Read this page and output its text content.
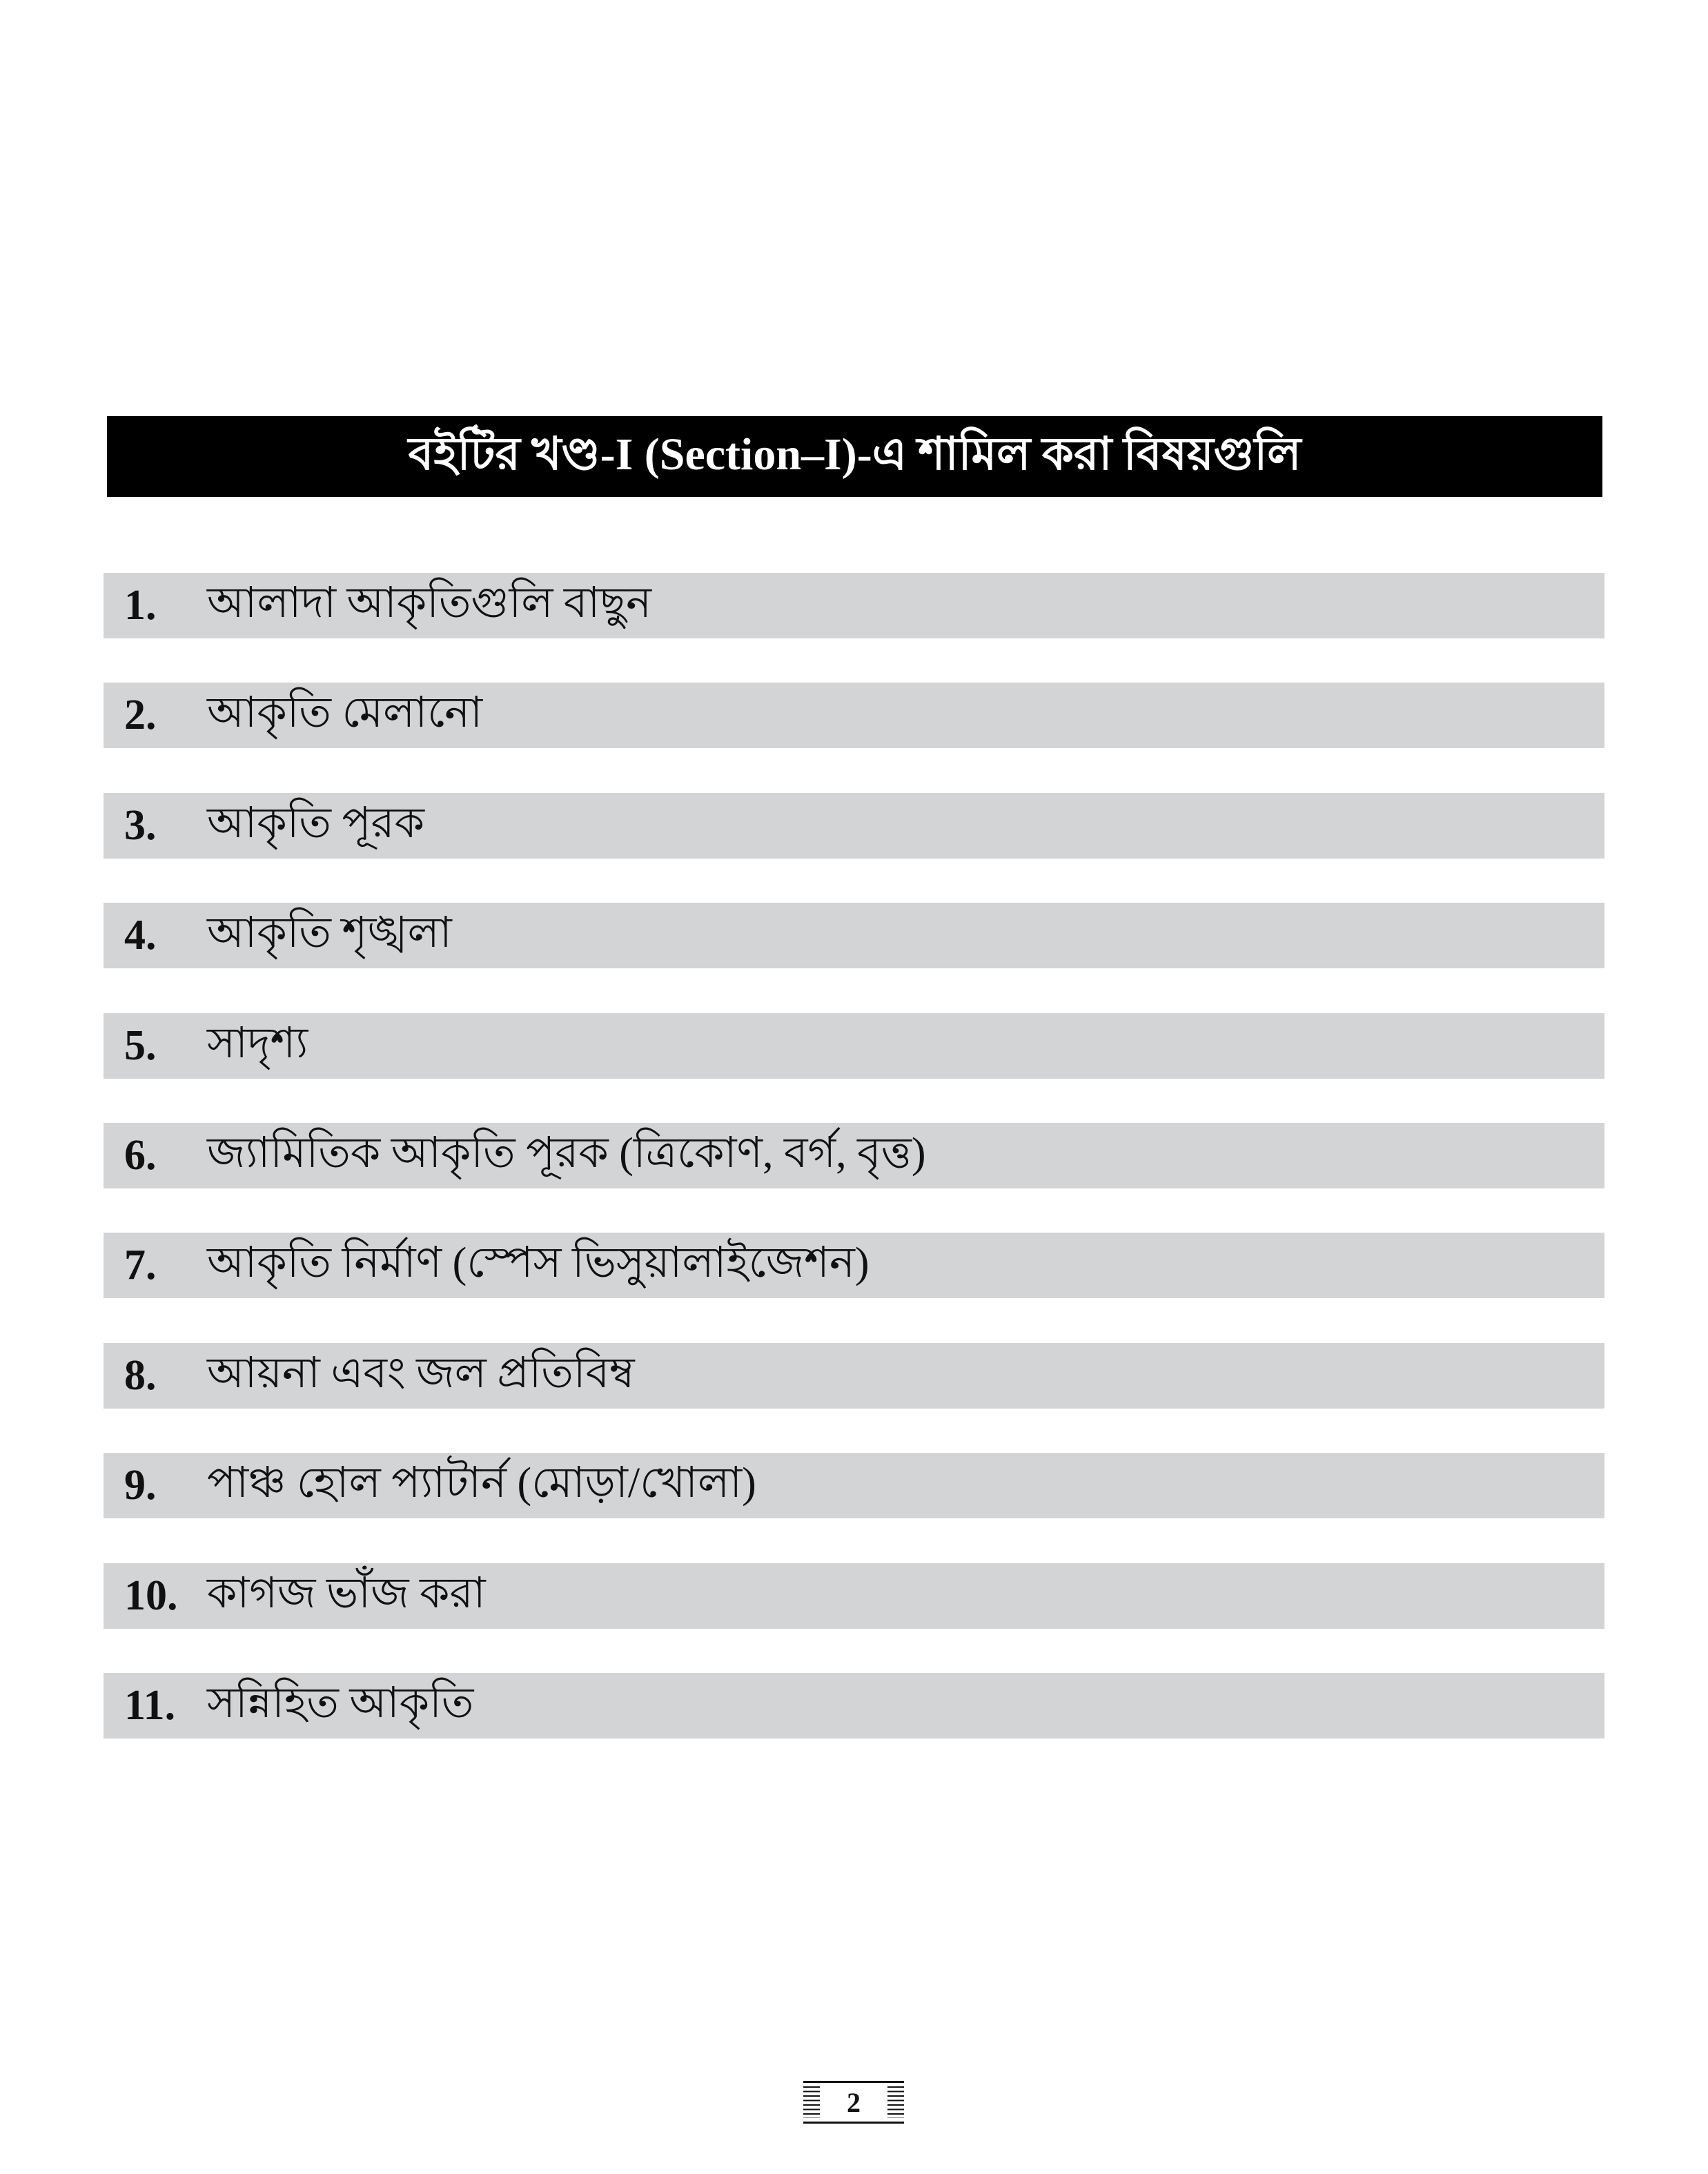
বইটির খণ্ড-I (Section–I)-এ শামিল করা বিষয়গুলি
1. আলাদা আকৃতিগুলি বাছুন
2. আকৃতি মেলানো
3. আকৃতি পূরক
4. আকৃতি শৃঙ্খলা
5. সাদৃশ্য
6. জ্যামিতিক আকৃতি পূরক (ত্রিকোণ, বর্গ, বৃত্ত)
7. আকৃতি নির্মাণ (স্পেস ভিসুয়ালাইজেশন)
8. আয়না এবং জল প্রতিবিম্ব
9. পাঞ্চ হোল প্যাটার্ন (মোড়া/খোলা)
10. কাগজ ভাঁজ করা
11. সন্নিহিত আকৃতি
2
